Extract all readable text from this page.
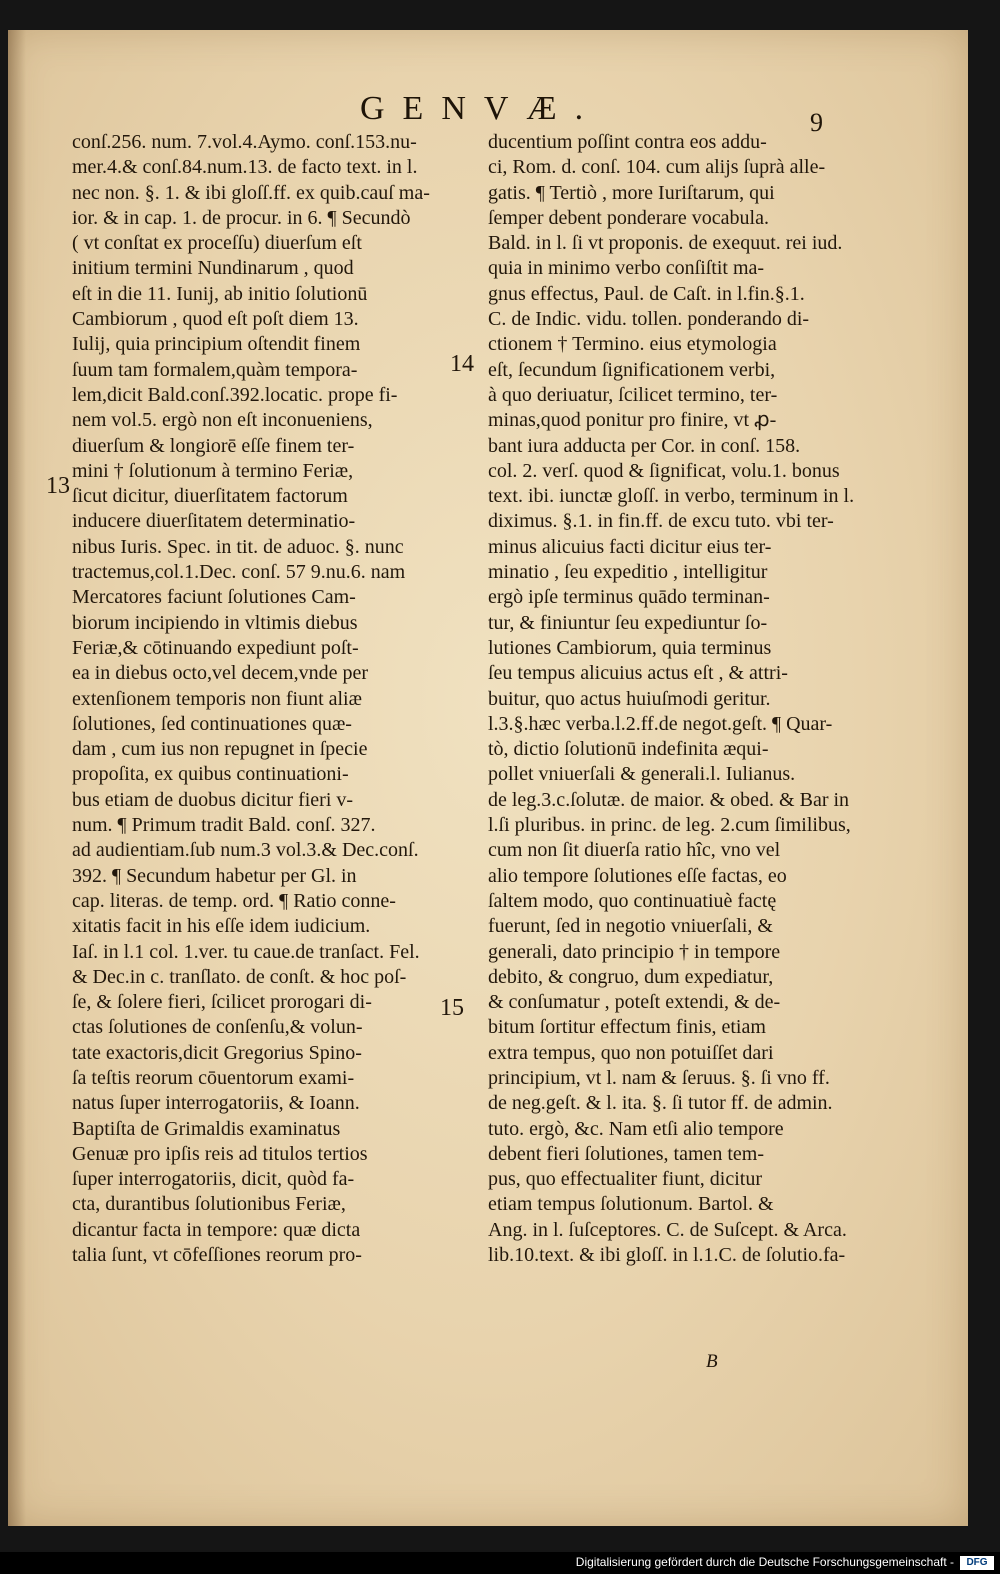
GENVÆ.	9
conſ.256. num. 7.vol.4.Aymo. conſ.153.nu-
mer.4.& conſ.84.num.13. de facto text. in l.
nec non. §. 1. & ibi gloſſ.ff. ex quib.cauſ ma-
ior. & in cap. 1. de procur. in 6. ¶ Secundò
( vt conſtat ex proceſſu) diuerſum eſt
initium termini Nundinarum , quod
eſt in die 11. Iunij, ab initio ſolutionū
Cambiorum , quod eſt poſt diem 13.
Iulij, quia principium oſtendit finem
ſuum tam formalem,quàm tempora-
lem,dicit Bald.conſ.392.locatic. prope fi-
nem vol.5. ergò non eſt inconueniens,
diuerſum & longiorē eſſe finem ter-
mini † ſolutionum à termino Feriæ,
ſicut dicitur, diuerſitatem factorum
inducere diuerſitatem determinatio-
nibus Iuris. Spec. in tit. de aduoc. §. nunc
tractemus,col.1.Dec. conſ. 57 9.nu.6. nam
Mercatores faciunt ſolutiones Cam-
biorum incipiendo in vltimis diebus
Feriæ,& cōtinuando expediunt poſt-
ea in diebus octo,vel decem,vnde per
extenſionem temporis non fiunt aliæ
ſolutiones, ſed continuationes quæ-
dam , cum ius non repugnet in ſpecie
propoſita, ex quibus continuationi-
bus etiam de duobus dicitur fieri v-
num. ¶ Primum tradit Bald. conſ. 327.
ad audientiam.ſub num.3 vol.3.& Dec.conſ.
392. ¶ Secundum habetur per Gl. in
cap. literas. de temp. ord. ¶ Ratio conne-
xitatis facit in his eſſe idem iudicium.
Iaſ. in l.1 col. 1.ver. tu caue.de tranſact. Fel.
& Dec.in c. tranſlato. de conſt. & hoc poſ-
ſe, & ſolere fieri, ſcilicet prorogari di-
ctas ſolutiones de conſenſu,& volun-
tate exactoris,dicit Gregorius Spino-
ſa teſtis reorum cōuentorum exami-
natus ſuper interrogatoriis, & Ioann.
Baptiſta de Grimaldis examinatus
Genuæ pro ipſis reis ad titulos tertios
ſuper interrogatoriis, dicit, quòd fa-
cta, durantibus ſolutionibus Feriæ,
dicantur facta in tempore: quæ dicta
talia ſunt, vt cōfeſſiones reorum pro-
ducentium poſſint contra eos addu-
ci, Rom. d. conſ. 104. cum alijs ſuprà alle-
gatis. ¶ Tertiò , more Iuriſtarum, qui
ſemper debent ponderare vocabula.
Bald. in l. ſi vt proponis. de exequut. rei iud.
quia in minimo verbo conſiſtit ma-
gnus effectus, Paul. de Caſt. in l.fin.§.1.
C. de Indic. vidu. tollen. ponderando di-
ctionem † Termino. eius etymologia
eſt, ſecundum ſignificationem verbi,
à quo deriuatur, ſcilicet termino, ter-
minas,quod ponitur pro finire, vt ꝓ-
bant iura adducta per Cor. in conſ. 158.
col. 2. verſ. quod & ſignificat, volu.1. bonus
text. ibi. iunctæ gloſſ. in verbo, terminum in l.
diximus. §.1. in fin.ff. de excu tuto. vbi ter-
minus alicuius facti dicitur eius ter-
minatio , ſeu expeditio , intelligitur
ergò ipſe terminus quādo terminan-
tur, & finiuntur ſeu expediuntur ſo-
lutiones Cambiorum, quia terminus
ſeu tempus alicuius actus eſt , & attri-
buitur, quo actus huiuſmodi geritur.
l.3.§.hæc verba.l.2.ff.de negot.geſt. ¶ Quar-
tò, dictio ſolutionū indefinita æqui-
pollet vniuerſali & generali.l. Iulianus.
de leg.3.c.ſolutæ. de maior. & obed. & Bar in
l.ſi pluribus. in princ. de leg. 2.cum ſimilibus,
cum non ſit diuerſa ratio hîc, vno vel
alio tempore ſolutiones eſſe factas, eo
ſaltem modo, quo continuatiuè factę
fuerunt, ſed in negotio vniuerſali, &
generali, dato principio † in tempore
debito, & congruo, dum expediatur,
& conſumatur , poteſt extendi, & de-
bitum ſortitur effectum finis, etiam
extra tempus, quo non potuiſſet dari
principium, vt l. nam & ſeruus. §. ſi vno ff.
de neg.geſt. & l. ita. §. ſi tutor ff. de admin.
tuto. ergò, &c. Nam etſi alio tempore
debent fieri ſolutiones, tamen tem-
pus, quo effectualiter fiunt, dicitur
etiam tempus ſolutionum. Bartol. &
Ang. in l. ſuſceptores. C. de Suſcept. & Arca.
lib.10.text. & ibi gloſſ. in l.1.C. de ſolutio.fa-
13
14
15
B
Digitalisierung gefördert durch die Deutsche Forschungsgemeinschaft -	DFG
